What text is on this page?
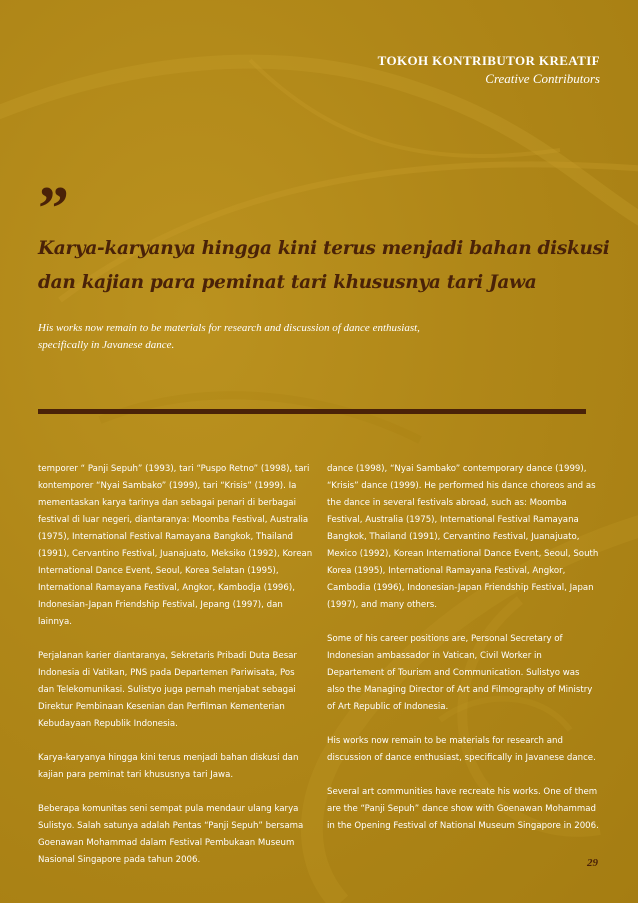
TOKOH KONTRIBUTOR KREATIF
Creative Contributors
”
Karya-karyanya hingga kini terus menjadi bahan diskusi dan kajian para peminat tari khususnya tari Jawa
His works now remain to be materials for research and discussion of dance enthusiast, specifically in Javanese dance.

temporer “ Panji Sepuh” (1993), tari “Puspo Retno” (1998), tari kontemporer “Nyai Sambako” (1999), tari “Krisis” (1999). Ia mementaskan karya tarinya dan sebagai penari di berbagai festival di luar negeri, diantaranya: Moomba Festival, Australia (1975), International Festival Ramayana Bangkok, Thailand (1991), Cervantino Festival, Juanajuato, Meksiko (1992), Korean International Dance Event, Seoul, Korea Selatan (1995), International Ramayana Festival, Angkor, Kambodja (1996), Indonesian-Japan Friendship Festival, Jepang (1997), dan lainnya.

Perjalanan karier diantaranya, Sekretaris Pribadi Duta Besar Indonesia di Vatikan, PNS pada Departemen Pariwisata, Pos dan Telekomunikasi. Sulistyo juga pernah menjabat sebagai Direktur Pembinaan Kesenian dan Perfilman Kementerian Kebudayaan Republik Indonesia.

Karya-karyanya hingga kini terus menjadi bahan diskusi dan kajian para peminat tari khususnya tari Jawa.

Beberapa komunitas seni sempat pula mendaur ulang karya Sulistyo. Salah satunya adalah Pentas “Panji Sepuh” bersama Goenawan Mohammad dalam Festival Pembukaan Museum Nasional Singapore pada tahun 2006.

dance (1998), “Nyai Sambako” contemporary dance (1999), “Krisis” dance (1999). He performed his dance choreos and as the dance in several festivals abroad, such as: Moomba Festival, Australia (1975), International Festival Ramayana Bangkok, Thailand (1991), Cervantino Festival, Juanajuato, Mexico (1992), Korean International Dance Event, Seoul, South Korea (1995), International Ramayana Festival, Angkor, Cambodia (1996), Indonesian-Japan Friendship Festival, Japan (1997), and many others.

Some of his career positions are, Personal Secretary of Indonesian ambassador in Vatican, Civil Worker in Departement of Tourism and Communication. Sulistyo was also the Managing Director of Art and Filmography of Ministry of Art Republic of Indonesia.

His works now remain to be materials for research and discussion of dance enthusiast, specifically in Javanese dance.

Several art communities have recreate his works. One of them are the “Panji Sepuh” dance show with Goenawan Mohammad in the Opening Festival of National Museum Singapore in 2006.

29
